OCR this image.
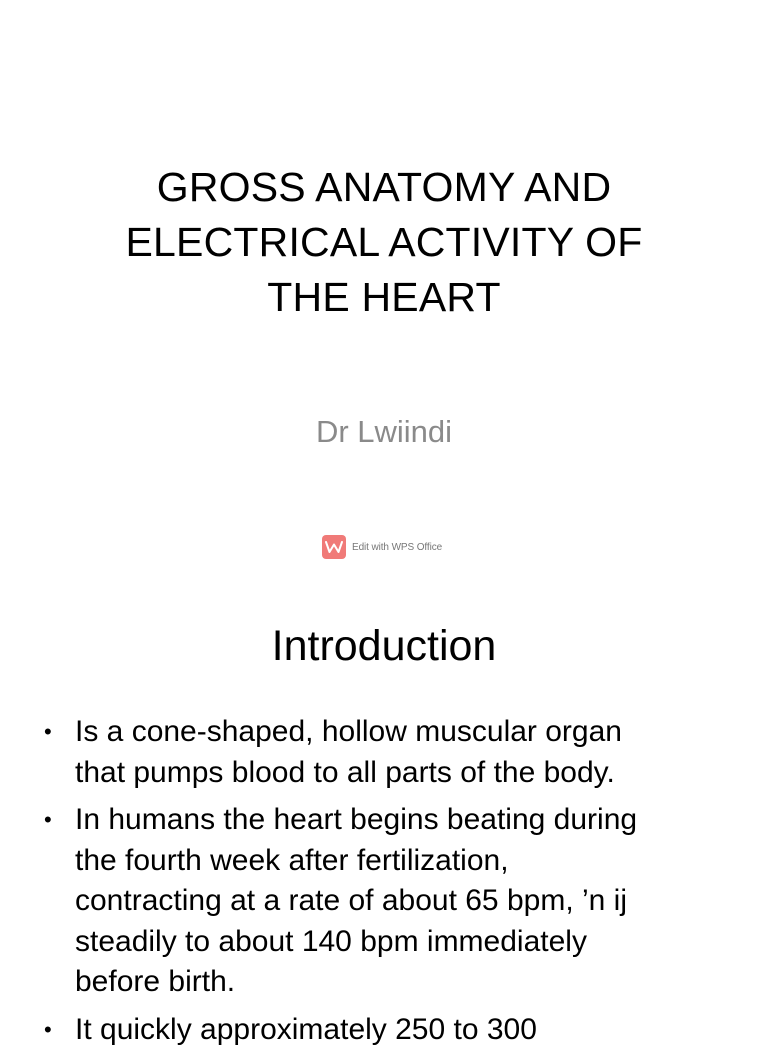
GROSS ANATOMY AND
ELECTRICAL ACTIVITY OF
THE HEART

Dr Lwiindi

Edit with WPS Office
Introduction
• Is a cone-shaped, hollow muscular organ
that pumps blood to all parts of the body.
• In humans the heart begins beating during
the fourth week after fertilization,
contracting at a rate of about 65 bpm, ’n ij
steadily to about 140 bpm immediately
before birth.
• It quickly approximately 250 to 300
